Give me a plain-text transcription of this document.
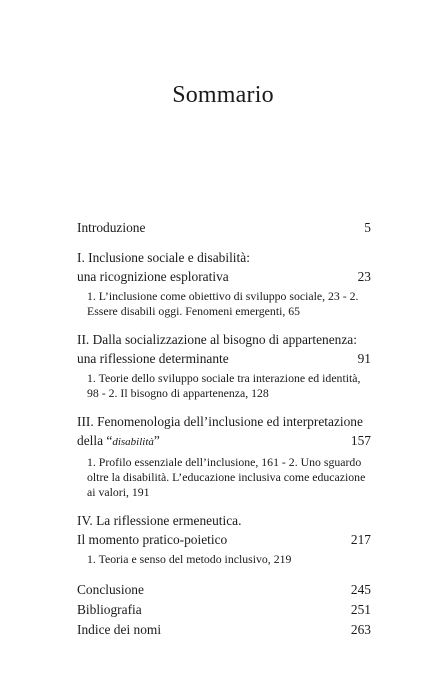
Sommario
Introduzione	5
I. Inclusione sociale e disabilità:
una ricognizione esplorativa	23
1. L’inclusione come obiettivo di sviluppo sociale, 23 - 2.
Essere disabili oggi. Fenomeni emergenti, 65
II. Dalla socializzazione al bisogno di appartenenza:
una riflessione determinante	91
1. Teorie dello sviluppo sociale tra interazione ed identità,
98 - 2. Il bisogno di appartenenza, 128
III. Fenomenologia dell’inclusione ed interpretazione
della “disabilità”	157
1. Profilo essenziale dell’inclusione, 161 - 2. Uno sguardo
oltre la disabilità. L’educazione inclusiva come educazione
ai valori, 191
IV. La riflessione ermeneutica.
Il momento pratico-poietico	217
1. Teoria e senso del metodo inclusivo, 219
Conclusione	245
Bibliografia	251
Indice dei nomi	263
